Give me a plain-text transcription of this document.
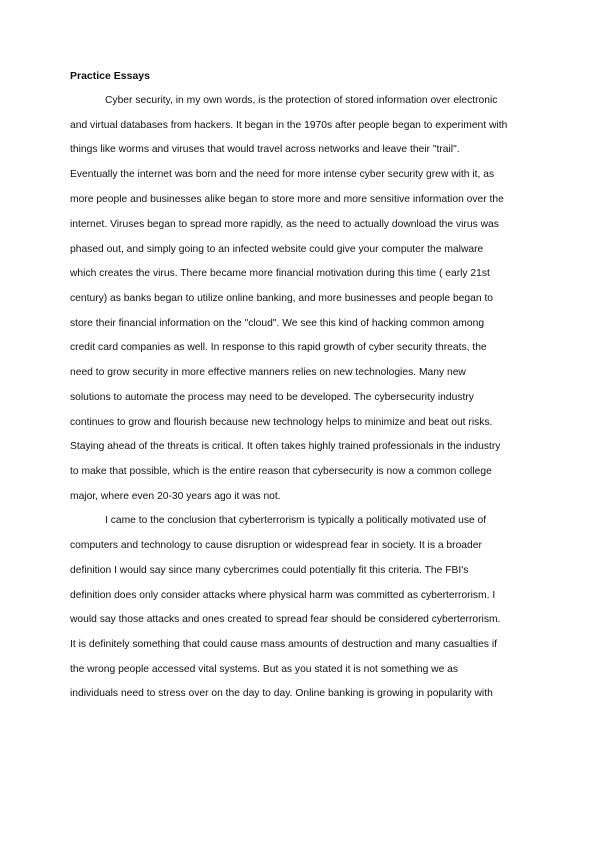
Practice Essays
Cyber security, in my own words, is the protection of stored information over electronic
and virtual databases from hackers. It began in the 1970s after people began to experiment with
things like worms and viruses that would travel across networks and leave their "trail".
Eventually the internet was born and the need for more intense cyber security grew with it, as
more people and businesses alike began to store more and more sensitive information over the
internet. Viruses began to spread more rapidly, as the need to actually download the virus was
phased out, and simply going to an infected website could give your computer the malware
which creates the virus. There became more financial motivation during this time ( early 21st
century) as banks began to utilize online banking, and more businesses and people began to
store their financial information on the "cloud". We see this kind of hacking common among
credit card companies as well. In response to this rapid growth of cyber security threats, the
need to grow security in more effective manners relies on new technologies. Many new
solutions to automate the process may need to be developed. The cybersecurity industry
continues to grow and flourish because new technology helps to minimize and beat out risks.
Staying ahead of the threats is critical. It often takes highly trained professionals in the industry
to make that possible, which is the entire reason that cybersecurity is now a common college
major, where even 20-30 years ago it was not.
I came to the conclusion that cyberterrorism is typically a politically motivated use of
computers and technology to cause disruption or widespread fear in society. It is a broader
definition I would say since many cybercrimes could potentially fit this criteria. The FBI's
definition does only consider attacks where physical harm was committed as cyberterrorism. I
would say those attacks and ones created to spread fear should be considered cyberterrorism.
It is definitely something that could cause mass amounts of destruction and many casualties if
the wrong people accessed vital systems. But as you stated it is not something we as
individuals need to stress over on the day to day. Online banking is growing in popularity with
